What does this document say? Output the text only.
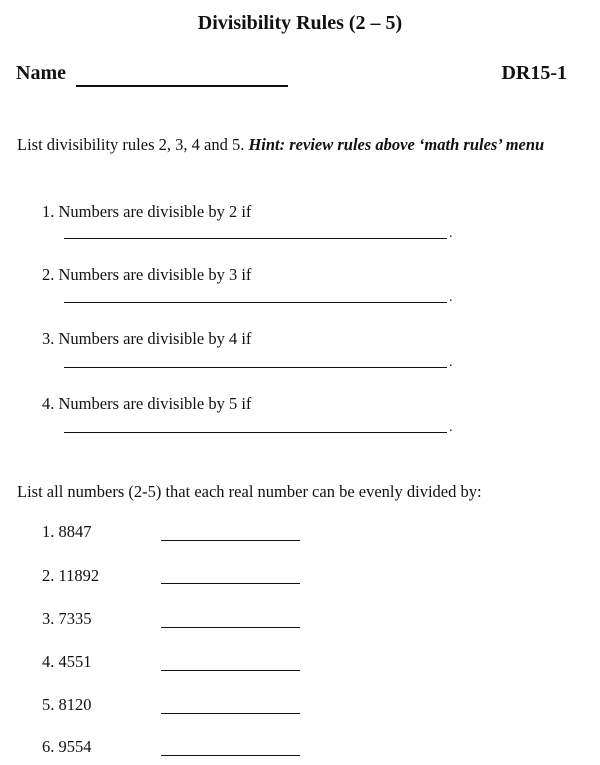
Divisibility Rules (2 – 5)
Name	DR15-1
List divisibility rules 2, 3, 4 and 5. Hint: review rules above ‘math rules’ menu
1. Numbers are divisible by 2 if
.
2. Numbers are divisible by 3 if
.
3. Numbers are divisible by 4 if
.
4. Numbers are divisible by 5 if
.
List all numbers (2-5) that each real number can be evenly divided by:
1. 8847
2. 11892
3. 7335
4. 4551
5. 8120
6. 9554
